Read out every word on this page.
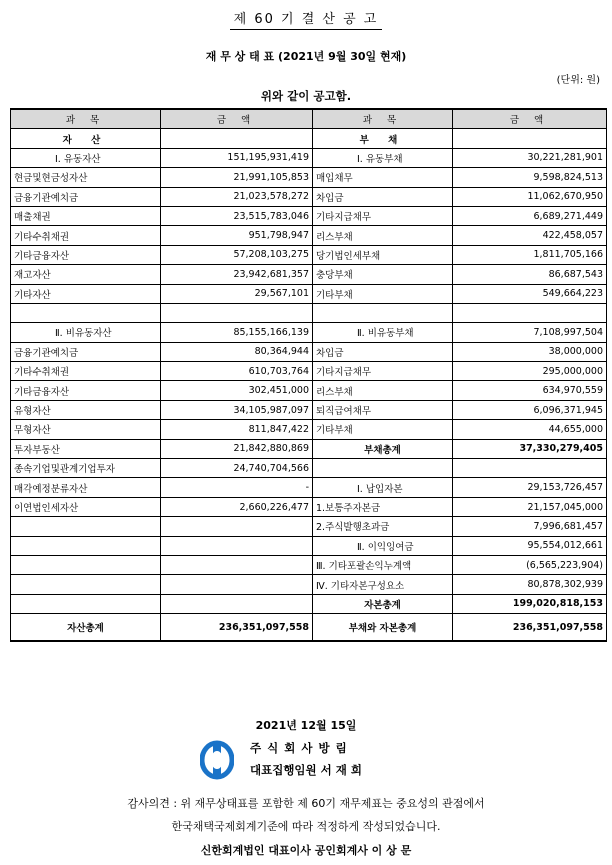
제 60 기 결 산 공 고
재 무 상 태 표 (2021년 9월 30일 현재)
(단위: 원)
위와 같이 공고함.
과 목	금 액	과 목	금 액
자 산		부 채	
Ⅰ. 유동자산	151,195,931,419	Ⅰ. 유동부채	30,221,281,901
현금및현금성자산	21,991,105,853	매입채무	9,598,824,513
금융기관예치금	21,023,578,272	차입금	11,062,670,950
매출채권	23,515,783,046	기타지급채무	6,689,271,449
기타수취채권	951,798,947	리스부채	422,458,057
기타금융자산	57,208,103,275	당기법인세부채	1,811,705,166
재고자산	23,942,681,357	충당부채	86,687,543
기타자산	29,567,101	기타부채	549,664,223

Ⅱ. 비유동자산	85,155,166,139	Ⅱ. 비유동부채	7,108,997,504
금융기관예치금	80,364,944	차입금	38,000,000
기타수취채권	610,703,764	기타지급채무	295,000,000
기타금융자산	302,451,000	리스부채	634,970,559
유형자산	34,105,987,097	퇴직급여채무	6,096,371,945
무형자산	811,847,422	기타부채	44,655,000
투자부동산	21,842,880,869	부채총계	37,330,279,405
종속기업및관계기업투자	24,740,704,566		
매각예정분류자산	-	Ⅰ. 납입자본	29,153,726,457
이연법인세자산	2,660,226,477	1.보통주자본금	21,157,045,000
		2.주식발행초과금	7,996,681,457
		Ⅱ. 이익잉여금	95,554,012,661
		Ⅲ. 기타포괄손익누계액	(6,565,223,904)
		Ⅳ. 기타자본구성요소	80,878,302,939
		자본총계	199,020,818,153
자산총계	236,351,097,558	부채와 자본총계	236,351,097,558
2021년 12월 15일
주 식 회 사 방 림
대표집행임원 서 재 희
감사의견 : 위 재무상태표를 포함한 제 60기 재무제표는 중요성의 관점에서
한국채택국제회계기준에 따라 적정하게 작성되었습니다.
신한회계법인 대표이사 공인회계사 이 상 문
